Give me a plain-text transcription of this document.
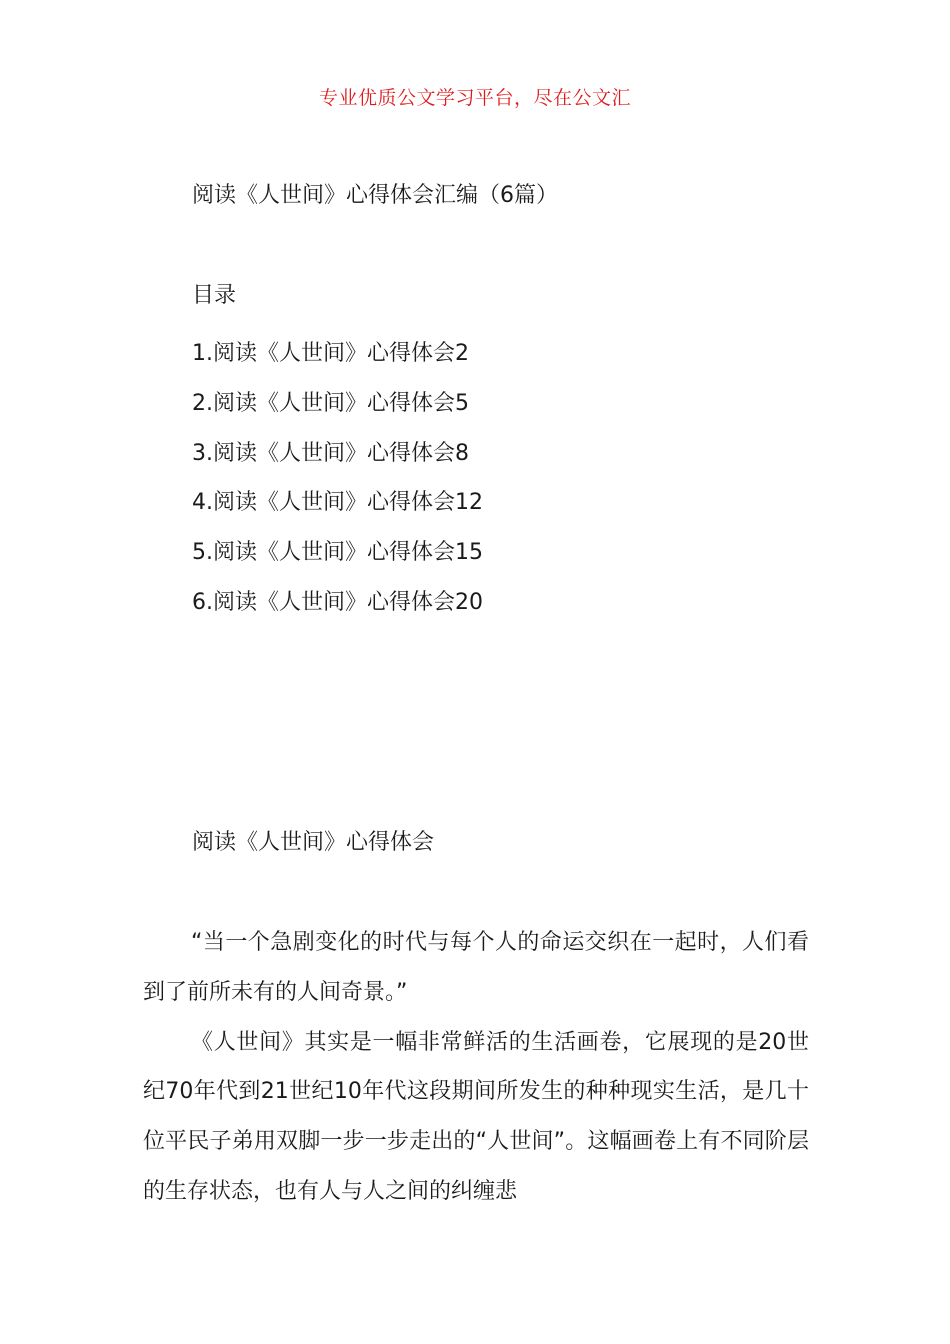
专业优质公文学习平台，尽在公文汇
阅读《人世间》心得体会汇编（6篇）
目录
1.阅读《人世间》心得体会2
2.阅读《人世间》心得体会5
3.阅读《人世间》心得体会8
4.阅读《人世间》心得体会12
5.阅读《人世间》心得体会15
6.阅读《人世间》心得体会20
阅读《人世间》心得体会

“当一个急剧变化的时代与每个人的命运交织在一起时，人们看到了前所未有的人间奇景。”

《人世间》其实是一幅非常鲜活的生活画卷，它展现的是20世纪70年代到21世纪10年代这段期间所发生的种种现实生活，是几十位平民子弟用双脚一步一步走出的“人世间”。这幅画卷上有不同阶层的生存状态，也有人与人之间的纠缠悲
